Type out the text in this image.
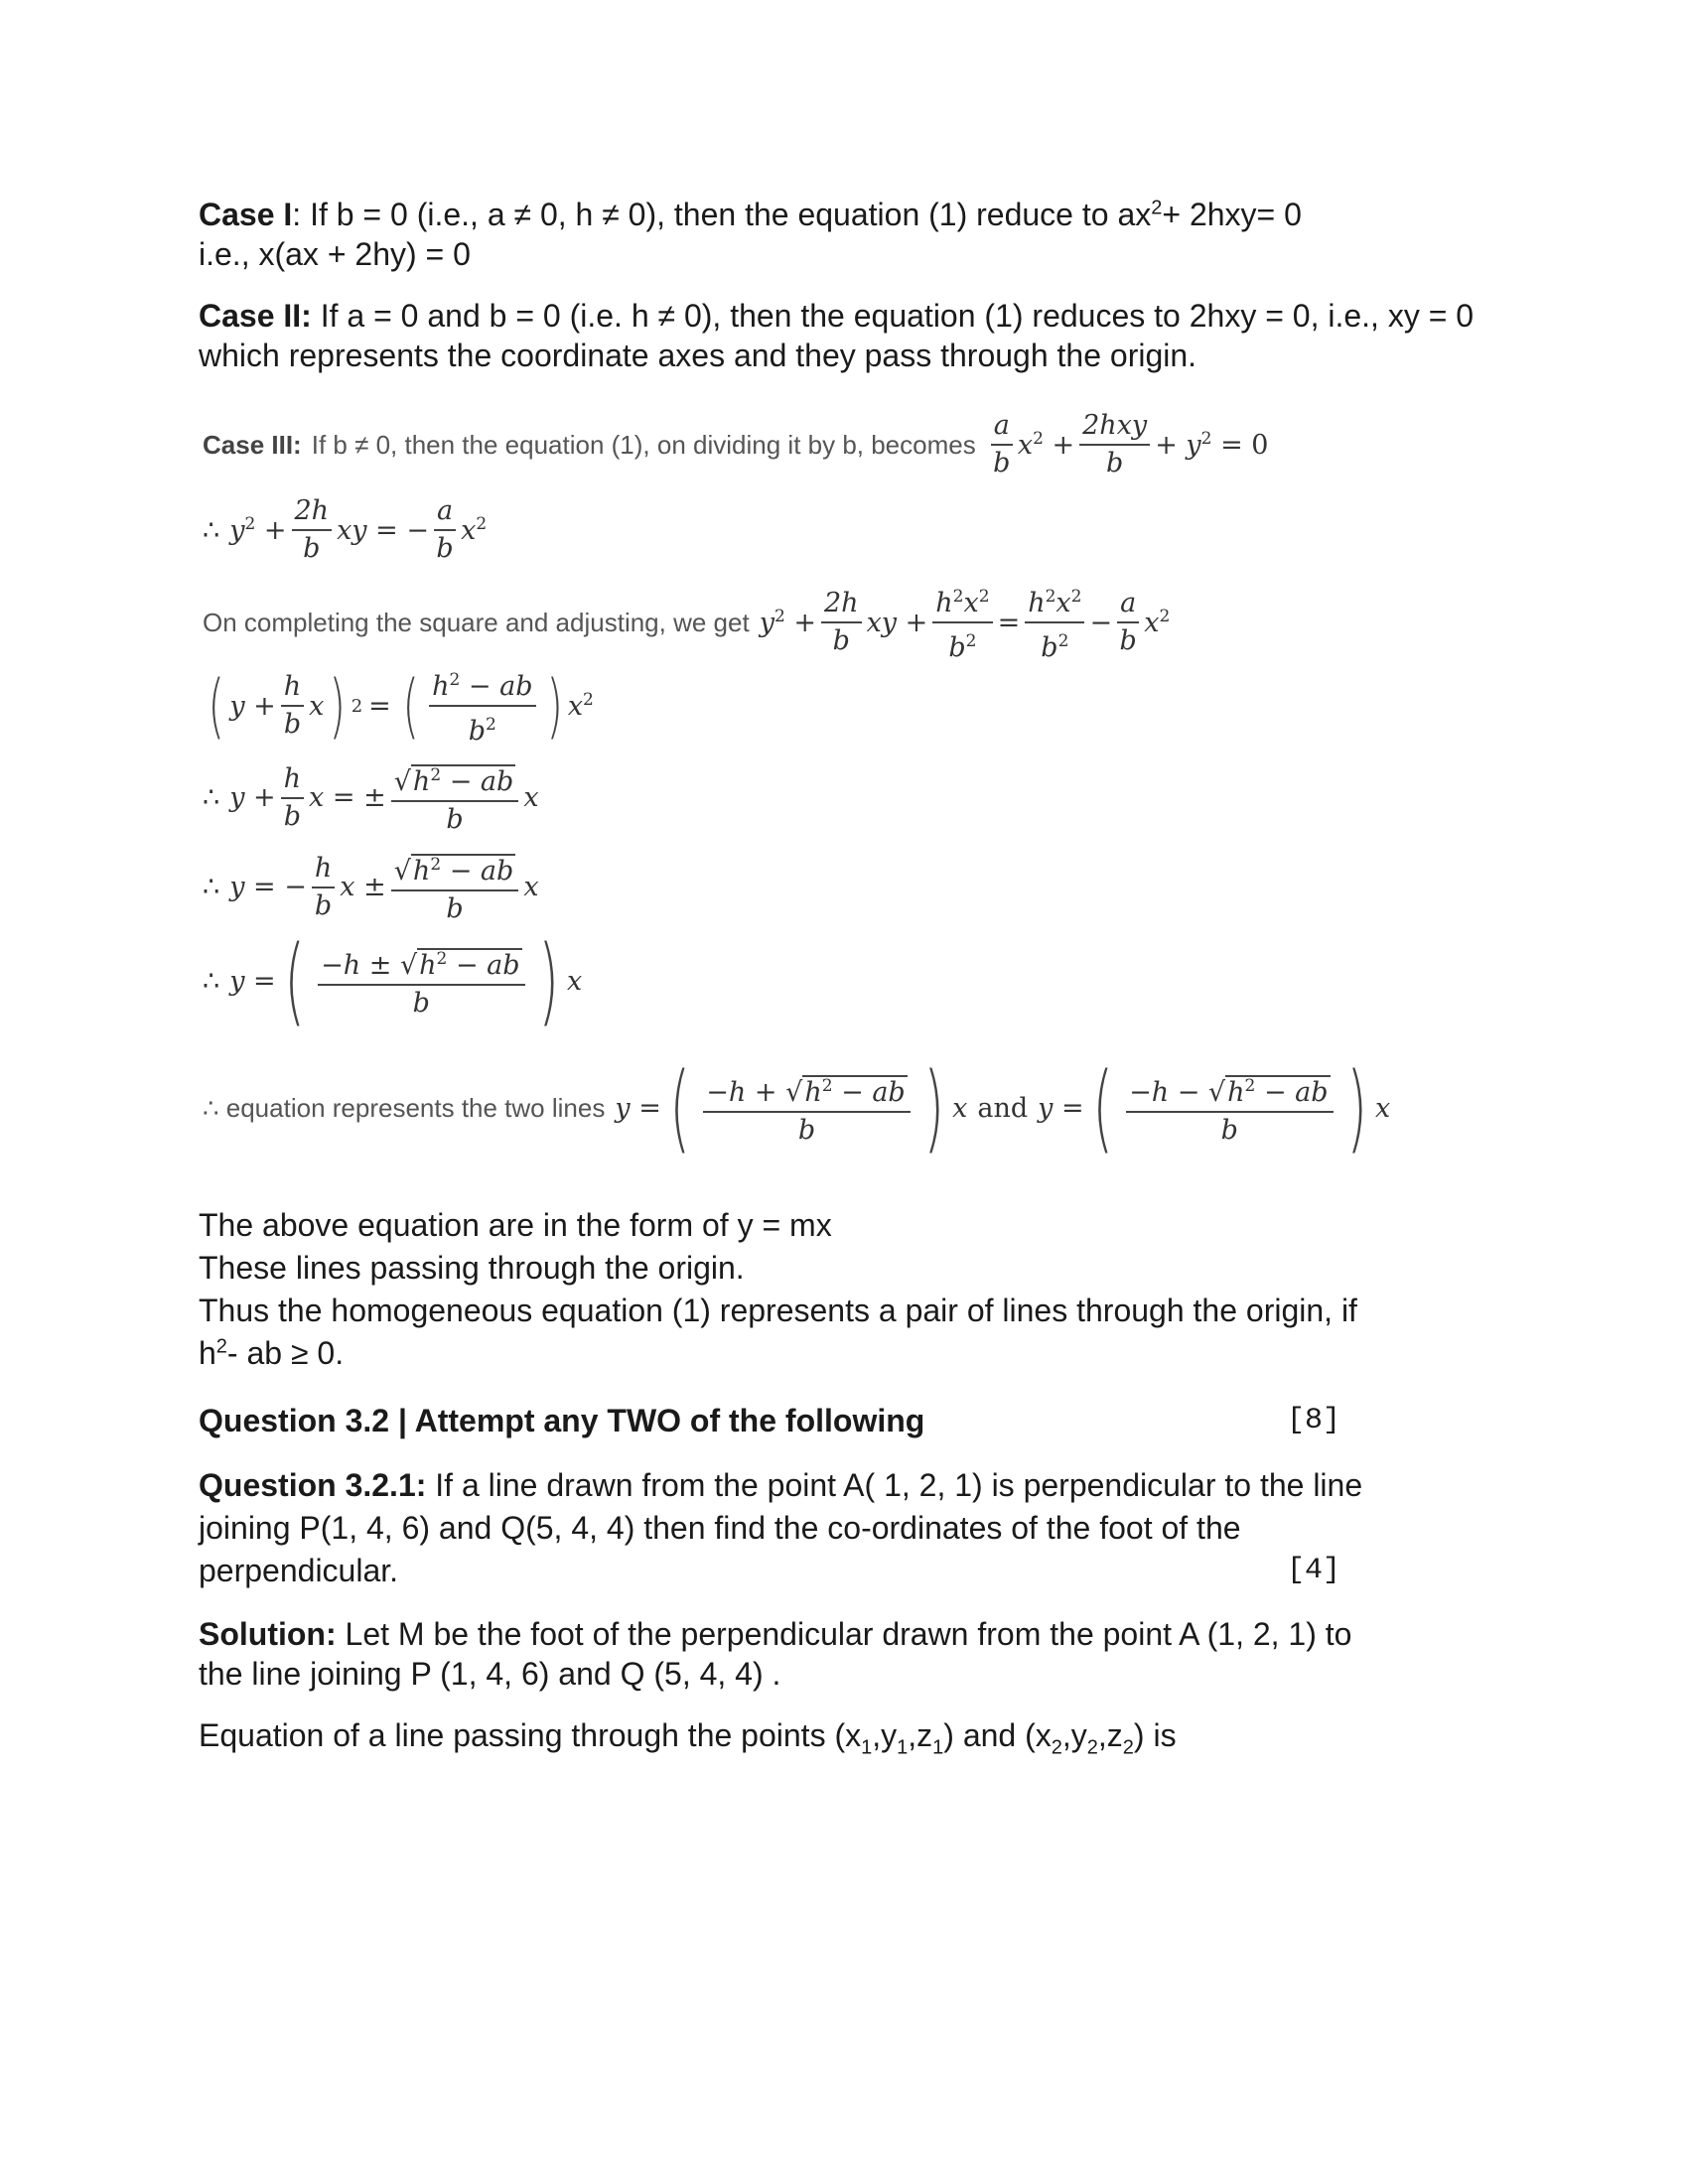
Case I: If b = 0 (i.e., a ≠ 0, h ≠ 0), then the equation (1) reduce to $ax^2+ 2hxy= 0$

i.e., x(ax + 2hy) = 0

Case II: If a = 0 and b = 0 (i.e. h ≠ 0), then the equation (1) reduces to 2hxy = 0, i.e., xy = 0

which represents the coordinate axes and they pass through the origin.

Case III: If b ≠ 0, then the equation (1), on dividing it by b, becomes $\frac{a}{b} x^2 + \frac{\text{2hxy}}{b} + y^2 = 0$
∴ $y^2 + \frac{2h}{b}$ xy = − $\frac{a}{b} x^2$
On completing the square and adjusting, we get $y^2 + \frac{2h}{b}$ xy + $\frac{h^2x^2}{b^2} = \frac{h^2x^2}{b^2} - \frac{a}{b} x^2$
( $y + \frac{h}{b}$ x ) 2 = ( $\frac{h^2 - ab}{b^2}$ ) $x^2$
∴ $y + \frac{h}{b}$ x = ± $\frac{√h^2 - ab}{b}$ x
∴ y = − $\frac{h}{b}$ $x \pm \frac{√h^2 - ab}{b}$ x
∴ y = ( $\frac{-h \pm √h^2 - ab}{b}$ ) x
∴ equation represents the two lines y = ( $\frac{-h + √h^2 - ab}{b}$ ) x and y = ( $\frac{-h - √h^2 - ab}{b}$ ) x

The above equation are in the form of y = mx

These lines passing through the origin.

Thus the homogeneous equation (1) represents a pair of lines through the origin, if

$h^2-$ ab ≥ 0.

Question 3.2 | Attempt any TWO of the following	[8]

Question 3.2.1: If a line drawn from the point A( 1, 2, 1) is perpendicular to the line

joining P(1, 4, 6) and Q(5, 4, 4) then find the co-ordinates of the foot of the

perpendicular.	[4]

Solution: Let M be the foot of the perpendicular drawn from the point A (1, 2, 1) to

the line joining P (1, 4, 6) and Q (5, 4, 4) .

Equation of a line passing through the points $(x_1,y_1,z_1)$ and $(x_2,y_2,z_2)$ is
